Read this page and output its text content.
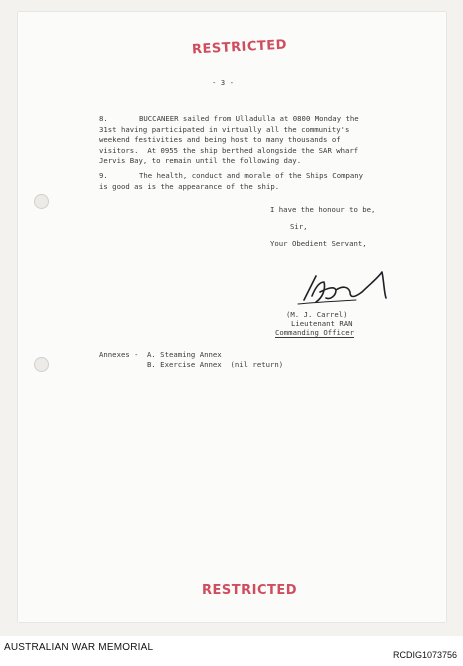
RESTRICTED
- 3 -
8.	BUCCANEER sailed from Ulladulla at 0800 Monday the
31st having participated in virtually all the community's
weekend festivities and being host to many thousands of
visitors.  At 0955 the ship berthed alongside the SAR wharf
Jervis Bay, to remain until the following day.
9.	The health, conduct and morale of the Ships Company
is good as is the appearance of the ship.
I have the honour to be,
Sir,
Your Obedient Servant,
(M. J. Carrel)
Lieutenant RAN
Commanding Officer
Annexes - A. Steaming Annex
B. Exercise Annex  (nil return)
RESTRICTED
AUSTRALIAN WAR MEMORIAL
RCDIG1073756
